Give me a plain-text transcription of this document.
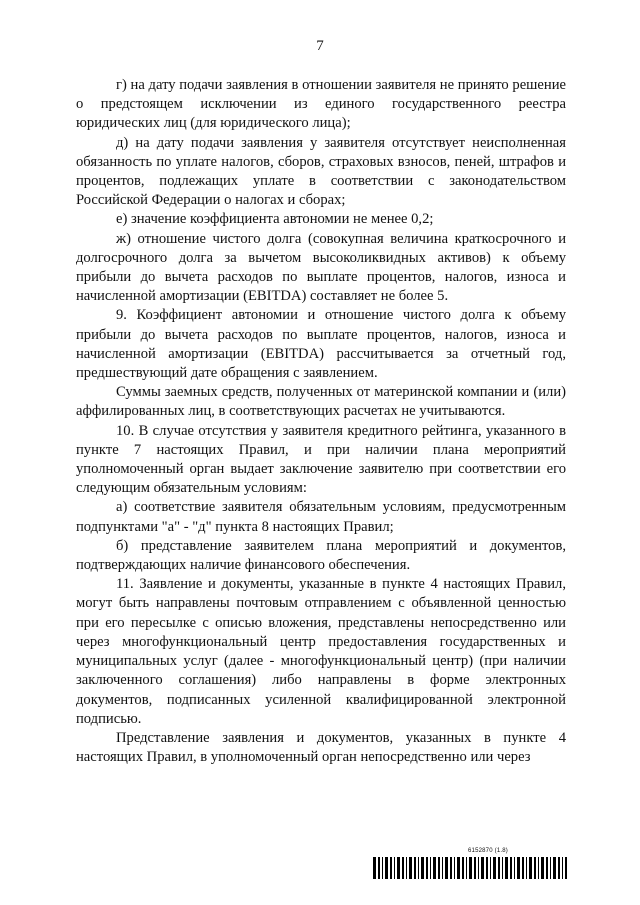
7

г) на дату подачи заявления в отношении заявителя не принято решение о предстоящем исключении из единого государственного реестра юридических лиц (для юридического лица);

д) на дату подачи заявления у заявителя отсутствует неисполненная обязанность по уплате налогов, сборов, страховых взносов, пеней, штрафов и процентов, подлежащих уплате в соответствии с законодательством Российской Федерации о налогах и сборах;

е) значение коэффициента автономии не менее 0,2;

ж) отношение чистого долга (совокупная величина краткосрочного и долгосрочного долга за вычетом высоколиквидных активов) к объему прибыли до вычета расходов по выплате процентов, налогов, износа и начисленной амортизации (EBITDA) составляет не более 5.

9. Коэффициент автономии и отношение чистого долга к объему прибыли до вычета расходов по выплате процентов, налогов, износа и начисленной амортизации (EBITDA) рассчитывается за отчетный год, предшествующий дате обращения с заявлением.

Суммы заемных средств, полученных от материнской компании и (или) аффилированных лиц, в соответствующих расчетах не учитываются.

10. В случае отсутствия у заявителя кредитного рейтинга, указанного в пункте 7 настоящих Правил, и при наличии плана мероприятий уполномоченный орган выдает заключение заявителю при соответствии его следующим обязательным условиям:

а) соответствие заявителя обязательным условиям, предусмотренным подпунктами "а" - "д" пункта 8 настоящих Правил;

б) представление заявителем плана мероприятий и документов, подтверждающих наличие финансового обеспечения.

11. Заявление и документы, указанные в пункте 4 настоящих Правил, могут быть направлены почтовым отправлением с объявленной ценностью при его пересылке с описью вложения, представлены непосредственно или через многофункциональный центр предоставления государственных и муниципальных услуг (далее - многофункциональный центр) (при наличии заключенного соглашения) либо направлены в форме электронных документов, подписанных усиленной квалифицированной электронной подписью.

Представление заявления и документов, указанных в пункте 4 настоящих Правил, в уполномоченный орган непосредственно или через

6152870 (1.8)
